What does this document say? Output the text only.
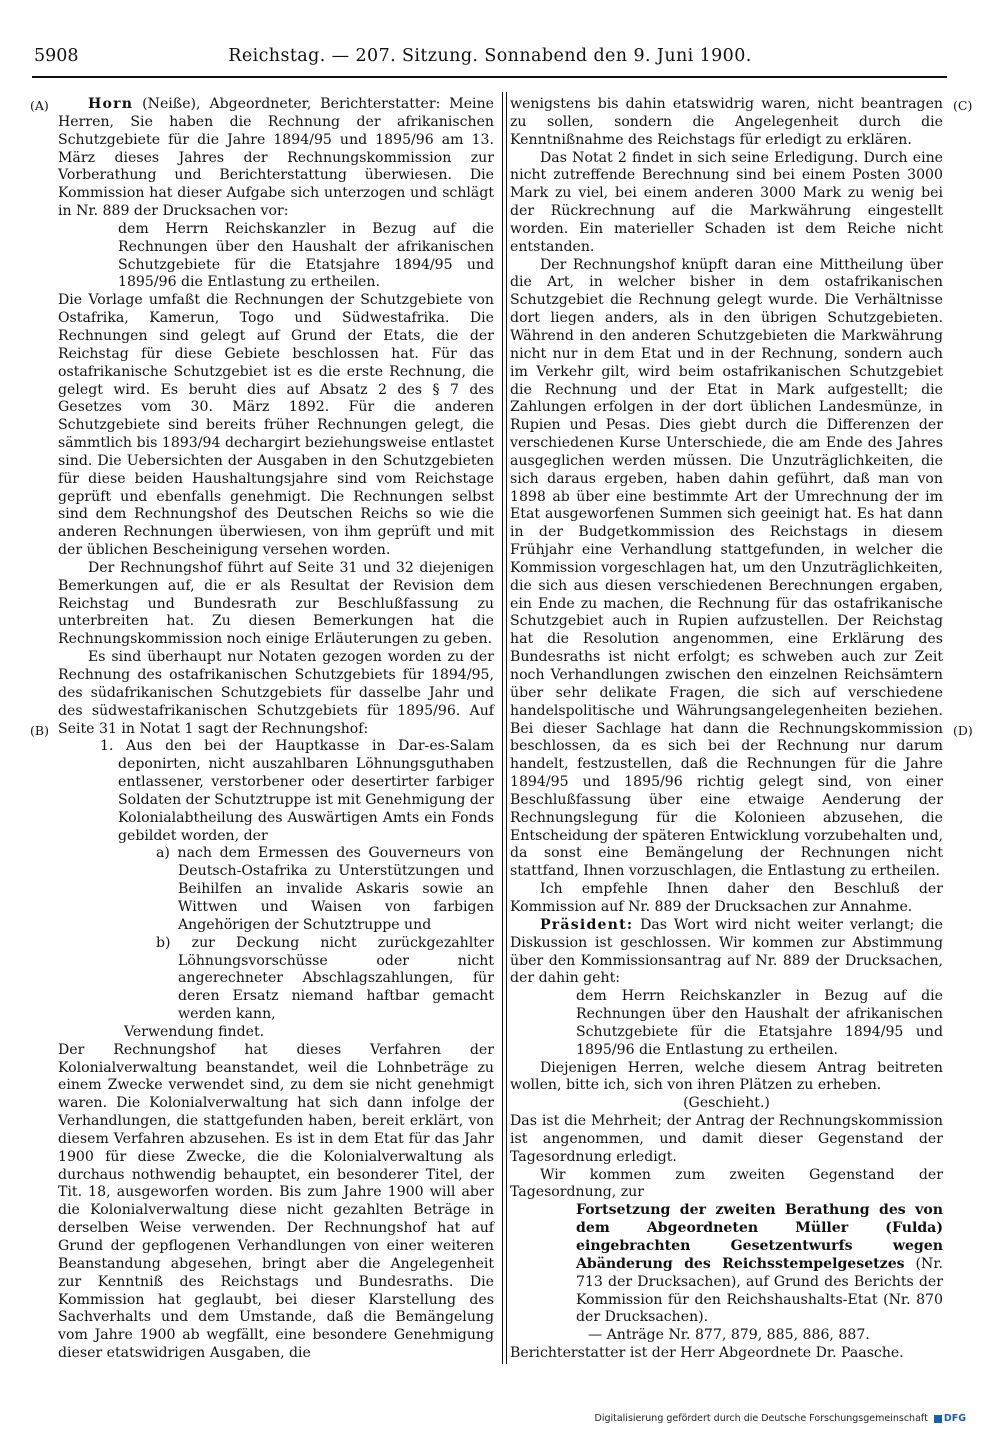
5908	Reichstag. — 207. Sitzung. Sonnabend den 9. Juni 1900.
(A)
(B)
(C)
(D)

Horn (Neiße), Abgeordneter, Berichterstatter: Meine Herren, Sie haben die Rechnung der afrikanischen Schutzgebiete für die Jahre 1894/95 und 1895/96 am 13. März dieses Jahres der Rechnungskommission zur Vorberathung und Berichterstattung überwiesen. Die Kommission hat dieser Aufgabe sich unterzogen und schlägt in Nr. 889 der Drucksachen vor:

dem Herrn Reichskanzler in Bezug auf die Rechnungen über den Haushalt der afrikanischen Schutzgebiete für die Etatsjahre 1894/95 und 1895/96 die Entlastung zu ertheilen.

Die Vorlage umfaßt die Rechnungen der Schutzgebiete von Ostafrika, Kamerun, Togo und Südwestafrika. Die Rechnungen sind gelegt auf Grund der Etats, die der Reichstag für diese Gebiete beschlossen hat. Für das ostafrikanische Schutzgebiet ist es die erste Rechnung, die gelegt wird. Es beruht dies auf Absatz 2 des § 7 des Gesetzes vom 30. März 1892. Für die anderen Schutzgebiete sind bereits früher Rechnungen gelegt, die sämmtlich bis 1893/94 dechargirt beziehungsweise entlastet sind. Die Uebersichten der Ausgaben in den Schutzgebieten für diese beiden Haushaltungsjahre sind vom Reichstage geprüft und ebenfalls genehmigt. Die Rechnungen selbst sind dem Rechnungshof des Deutschen Reichs so wie die anderen Rechnungen überwiesen, von ihm geprüft und mit der üblichen Bescheinigung versehen worden.

Der Rechnungshof führt auf Seite 31 und 32 diejenigen Bemerkungen auf, die er als Resultat der Revision dem Reichstag und Bundesrath zur Beschlußfassung zu unterbreiten hat. Zu diesen Bemerkungen hat die Rechnungskommission noch einige Erläuterungen zu geben.

Es sind überhaupt nur Notaten gezogen worden zu der Rechnung des ostafrikanischen Schutzgebiets für 1894/95, des südafrikanischen Schutzgebiets für dasselbe Jahr und des südwestafrikanischen Schutzgebiets für 1895/96. Auf Seite 31 in Notat 1 sagt der Rechnungshof:

1. Aus den bei der Hauptkasse in Dar-es-Salam deponirten, nicht auszahlbaren Löhnungsguthaben entlassener, verstorbener oder desertirter farbiger Soldaten der Schutztruppe ist mit Genehmigung der Kolonialabtheilung des Auswärtigen Amts ein Fonds gebildet worden, der

a) nach dem Ermessen des Gouverneurs von Deutsch-Ostafrika zu Unterstützungen und Beihilfen an invalide Askaris sowie an Wittwen und Waisen von farbigen Angehörigen der Schutztruppe und

b) zur Deckung nicht zurückgezahlter Löhnungsvorschüsse oder nicht angerechneter Abschlagszahlungen, für deren Ersatz niemand haftbar gemacht werden kann,

Verwendung findet.

Der Rechnungshof hat dieses Verfahren der Kolonialverwaltung beanstandet, weil die Lohnbeträge zu einem Zwecke verwendet sind, zu dem sie nicht genehmigt waren. Die Kolonialverwaltung hat sich dann infolge der Verhandlungen, die stattgefunden haben, bereit erklärt, von diesem Verfahren abzusehen. Es ist in dem Etat für das Jahr 1900 für diese Zwecke, die die Kolonialverwaltung als durchaus nothwendig behauptet, ein besonderer Titel, der Tit. 18, ausgeworfen worden. Bis zum Jahre 1900 will aber die Kolonialverwaltung diese nicht gezahlten Beträge in derselben Weise verwenden. Der Rechnungshof hat auf Grund der gepflogenen Verhandlungen von einer weiteren Beanstandung abgesehen, bringt aber die Angelegenheit zur Kenntniß des Reichstags und Bundesraths. Die Kommission hat geglaubt, bei dieser Klarstellung des Sachverhalts und dem Umstande, daß die Bemängelung vom Jahre 1900 ab wegfällt, eine besondere Genehmigung dieser etatswidrigen Ausgaben, die

wenigstens bis dahin etatswidrig waren, nicht beantragen zu sollen, sondern die Angelegenheit durch die Kenntnißnahme des Reichstags für erledigt zu erklären.

Das Notat 2 findet in sich seine Erledigung. Durch eine nicht zutreffende Berechnung sind bei einem Posten 3000 Mark zu viel, bei einem anderen 3000 Mark zu wenig bei der Rückrechnung auf die Markwährung eingestellt worden. Ein materieller Schaden ist dem Reiche nicht entstanden.

Der Rechnungshof knüpft daran eine Mittheilung über die Art, in welcher bisher in dem ostafrikanischen Schutzgebiet die Rechnung gelegt wurde. Die Verhältnisse dort liegen anders, als in den übrigen Schutzgebieten. Während in den anderen Schutzgebieten die Markwährung nicht nur in dem Etat und in der Rechnung, sondern auch im Verkehr gilt, wird beim ostafrikanischen Schutzgebiet die Rechnung und der Etat in Mark aufgestellt; die Zahlungen erfolgen in der dort üblichen Landesmünze, in Rupien und Pesas. Dies giebt durch die Differenzen der verschiedenen Kurse Unterschiede, die am Ende des Jahres ausgeglichen werden müssen. Die Unzuträglichkeiten, die sich daraus ergeben, haben dahin geführt, daß man von 1898 ab über eine bestimmte Art der Umrechnung der im Etat ausgeworfenen Summen sich geeinigt hat. Es hat dann in der Budgetkommission des Reichstags in diesem Frühjahr eine Verhandlung stattgefunden, in welcher die Kommission vorgeschlagen hat, um den Unzuträglichkeiten, die sich aus diesen verschiedenen Berechnungen ergaben, ein Ende zu machen, die Rechnung für das ostafrikanische Schutzgebiet auch in Rupien aufzustellen. Der Reichstag hat die Resolution angenommen, eine Erklärung des Bundesraths ist nicht erfolgt; es schweben auch zur Zeit noch Verhandlungen zwischen den einzelnen Reichsämtern über sehr delikate Fragen, die sich auf verschiedene handelspolitische und Währungsangelegenheiten beziehen. Bei dieser Sachlage hat dann die Rechnungskommission beschlossen, da es sich bei der Rechnung nur darum handelt, festzustellen, daß die Rechnungen für die Jahre 1894/95 und 1895/96 richtig gelegt sind, von einer Beschlußfassung über eine etwaige Aenderung der Rechnungslegung für die Kolonieen abzusehen, die Entscheidung der späteren Entwicklung vorzubehalten und, da sonst eine Bemängelung der Rechnungen nicht stattfand, Ihnen vorzuschlagen, die Entlastung zu ertheilen.

Ich empfehle Ihnen daher den Beschluß der Kommission auf Nr. 889 der Drucksachen zur Annahme.

Präsident: Das Wort wird nicht weiter verlangt; die Diskussion ist geschlossen. Wir kommen zur Abstimmung über den Kommissionsantrag auf Nr. 889 der Drucksachen, der dahin geht:

dem Herrn Reichskanzler in Bezug auf die Rechnungen über den Haushalt der afrikanischen Schutzgebiete für die Etatsjahre 1894/95 und 1895/96 die Entlastung zu ertheilen.

Diejenigen Herren, welche diesem Antrag beitreten wollen, bitte ich, sich von ihren Plätzen zu erheben.

(Geschieht.)

Das ist die Mehrheit; der Antrag der Rechnungskommission ist angenommen, und damit dieser Gegenstand der Tagesordnung erledigt.

Wir kommen zum zweiten Gegenstand der Tagesordnung, zur

Fortsetzung der zweiten Berathung des von dem Abgeordneten Müller (Fulda) eingebrachten Gesetzentwurfs wegen Abänderung des Reichsstempelgesetzes (Nr. 713 der Drucksachen), auf Grund des Berichts der Kommission für den Reichshaushalts-Etat (Nr. 870 der Drucksachen).

— Anträge Nr. 877, 879, 885, 886, 887.

Berichterstatter ist der Herr Abgeordnete Dr. Paasche.

Digitalisierung gefördert durch die Deutsche Forschungsgemeinschaft DFG
